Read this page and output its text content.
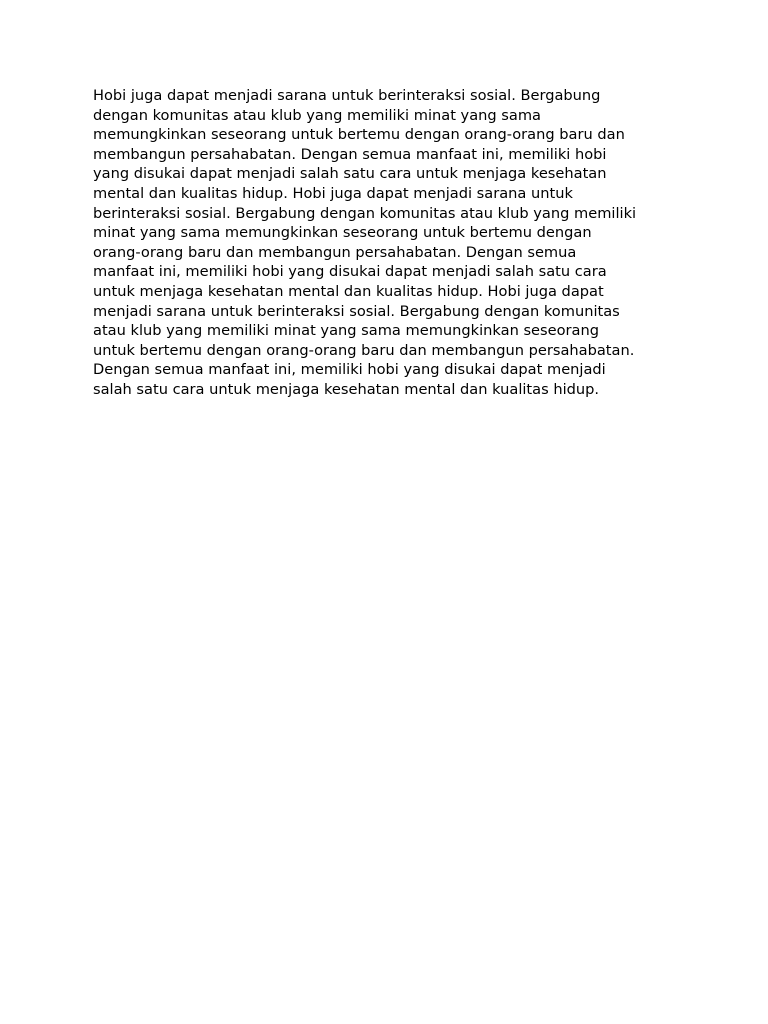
Hobi juga dapat menjadi sarana untuk berinteraksi sosial. Bergabung

dengan komunitas atau klub yang memiliki minat yang sama

memungkinkan seseorang untuk bertemu dengan orang-orang baru dan

membangun persahabatan. Dengan semua manfaat ini, memiliki hobi

yang disukai dapat menjadi salah satu cara untuk menjaga kesehatan

mental dan kualitas hidup. Hobi juga dapat menjadi sarana untuk

berinteraksi sosial. Bergabung dengan komunitas atau klub yang memiliki

minat yang sama memungkinkan seseorang untuk bertemu dengan

orang-orang baru dan membangun persahabatan. Dengan semua

manfaat ini, memiliki hobi yang disukai dapat menjadi salah satu cara

untuk menjaga kesehatan mental dan kualitas hidup. Hobi juga dapat

menjadi sarana untuk berinteraksi sosial. Bergabung dengan komunitas

atau klub yang memiliki minat yang sama memungkinkan seseorang

untuk bertemu dengan orang-orang baru dan membangun persahabatan.

Dengan semua manfaat ini, memiliki hobi yang disukai dapat menjadi

salah satu cara untuk menjaga kesehatan mental dan kualitas hidup.
